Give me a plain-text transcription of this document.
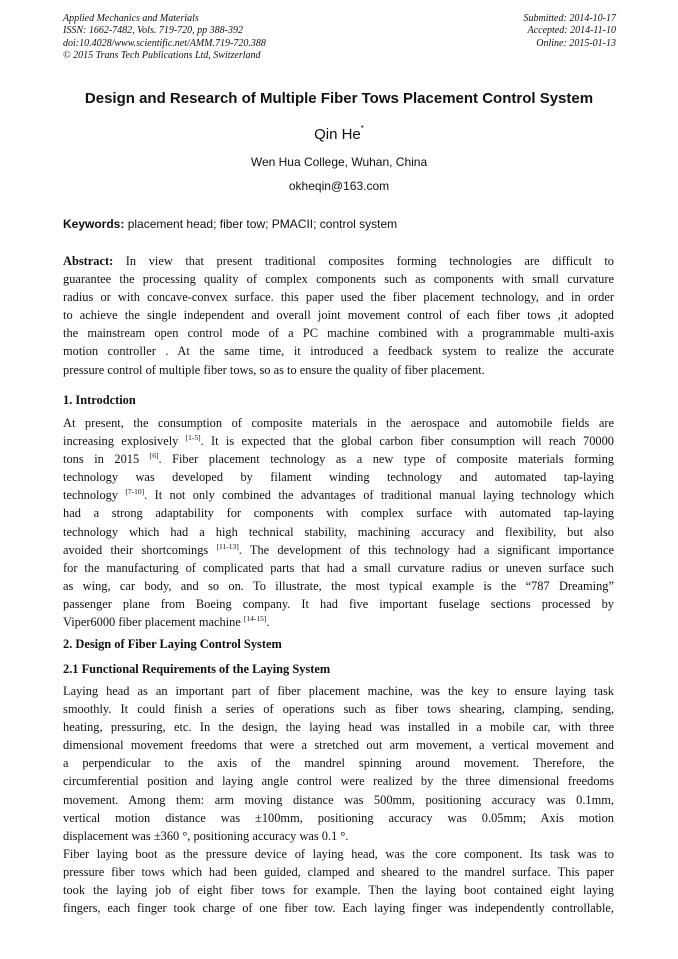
Applied Mechanics and Materials
ISSN: 1662-7482, Vols. 719-720, pp 388-392
doi:10.4028/www.scientific.net/AMM.719-720.388
© 2015 Trans Tech Publications Ltd, Switzerland
Submitted: 2014-10-17
Accepted: 2014-11-10
Online: 2015-01-13
Design and Research of Multiple Fiber Tows Placement Control System
Qin He*
Wen Hua College, Wuhan, China
okheqin@163.com
Keywords: placement head; fiber tow; PMACII; control system
Abstract: In view that present traditional composites forming technologies are difficult to
guarantee the processing quality of complex components such as components with small curvature
radius or with concave-convex surface. this paper used the fiber placement technology, and in order
to achieve the single independent and overall joint movement control of each fiber tows ,it adopted
the mainstream open control mode of a PC machine combined with a programmable multi-axis
motion controller . At the same time, it introduced a feedback system to realize the accurate
pressure control of multiple fiber tows, so as to ensure the quality of fiber placement.
1. Introdction
At present, the consumption of composite materials in the aerospace and automobile fields are
increasing explosively [1-5]. It is expected that the global carbon fiber consumption will reach 70000
tons in 2015 [6]. Fiber placement technology as a new type of composite materials forming
technology was developed by filament winding technology and automated tap-laying
technology [7-10]. It not only combined the advantages of traditional manual laying technology which
had a strong adaptability for components with complex surface with automated tap-laying
technology which had a high technical stability, machining accuracy and flexibility, but also
avoided their shortcomings [11-13]. The development of this technology had a significant importance
for the manufacturing of complicated parts that had a small curvature radius or uneven surface such
as wing, car body, and so on. To illustrate, the most typical example is the “787 Dreaming”
passenger plane from Boeing company. It had five important fuselage sections processed by
Viper6000 fiber placement machine [14-15].
2. Design of Fiber Laying Control System
2.1 Functional Requirements of the Laying System
Laying head as an important part of fiber placement machine, was the key to ensure laying task
smoothly. It could finish a series of operations such as fiber tows shearing, clamping, sending,
heating, pressuring, etc. In the design, the laying head was installed in a mobile car, with three
dimensional movement freedoms that were a stretched out arm movement, a vertical movement and
a perpendicular to the axis of the mandrel spinning around movement. Therefore, the
circumferential position and laying angle control were realized by the three dimensional freedoms
movement. Among them: arm moving distance was 500mm, positioning accuracy was 0.1mm,
vertical motion distance was ±100mm, positioning accuracy was 0.05mm; Axis motion
displacement was ±360 °, positioning accuracy was 0.1 °.
Fiber laying boot as the pressure device of laying head, was the core component. Its task was to
pressure fiber tows which had been guided, clamped and sheared to the mandrel surface. This paper
took the laying job of eight fiber tows for example. Then the laying boot contained eight laying
fingers, each finger took charge of one fiber tow. Each laying finger was independently controllable,
